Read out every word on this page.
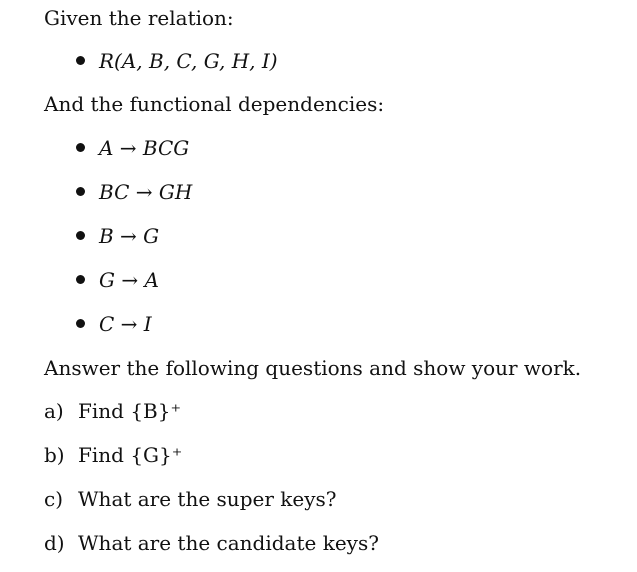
Given the relation:
R(A, B, C, G, H, I)
And the functional dependencies:
A → BCG
BC → GH
B → G
G → A
C → I
Answer the following questions and show your work.
a) Find {B}⁺
b) Find {G}⁺
c) What are the super keys?
d) What are the candidate keys?
